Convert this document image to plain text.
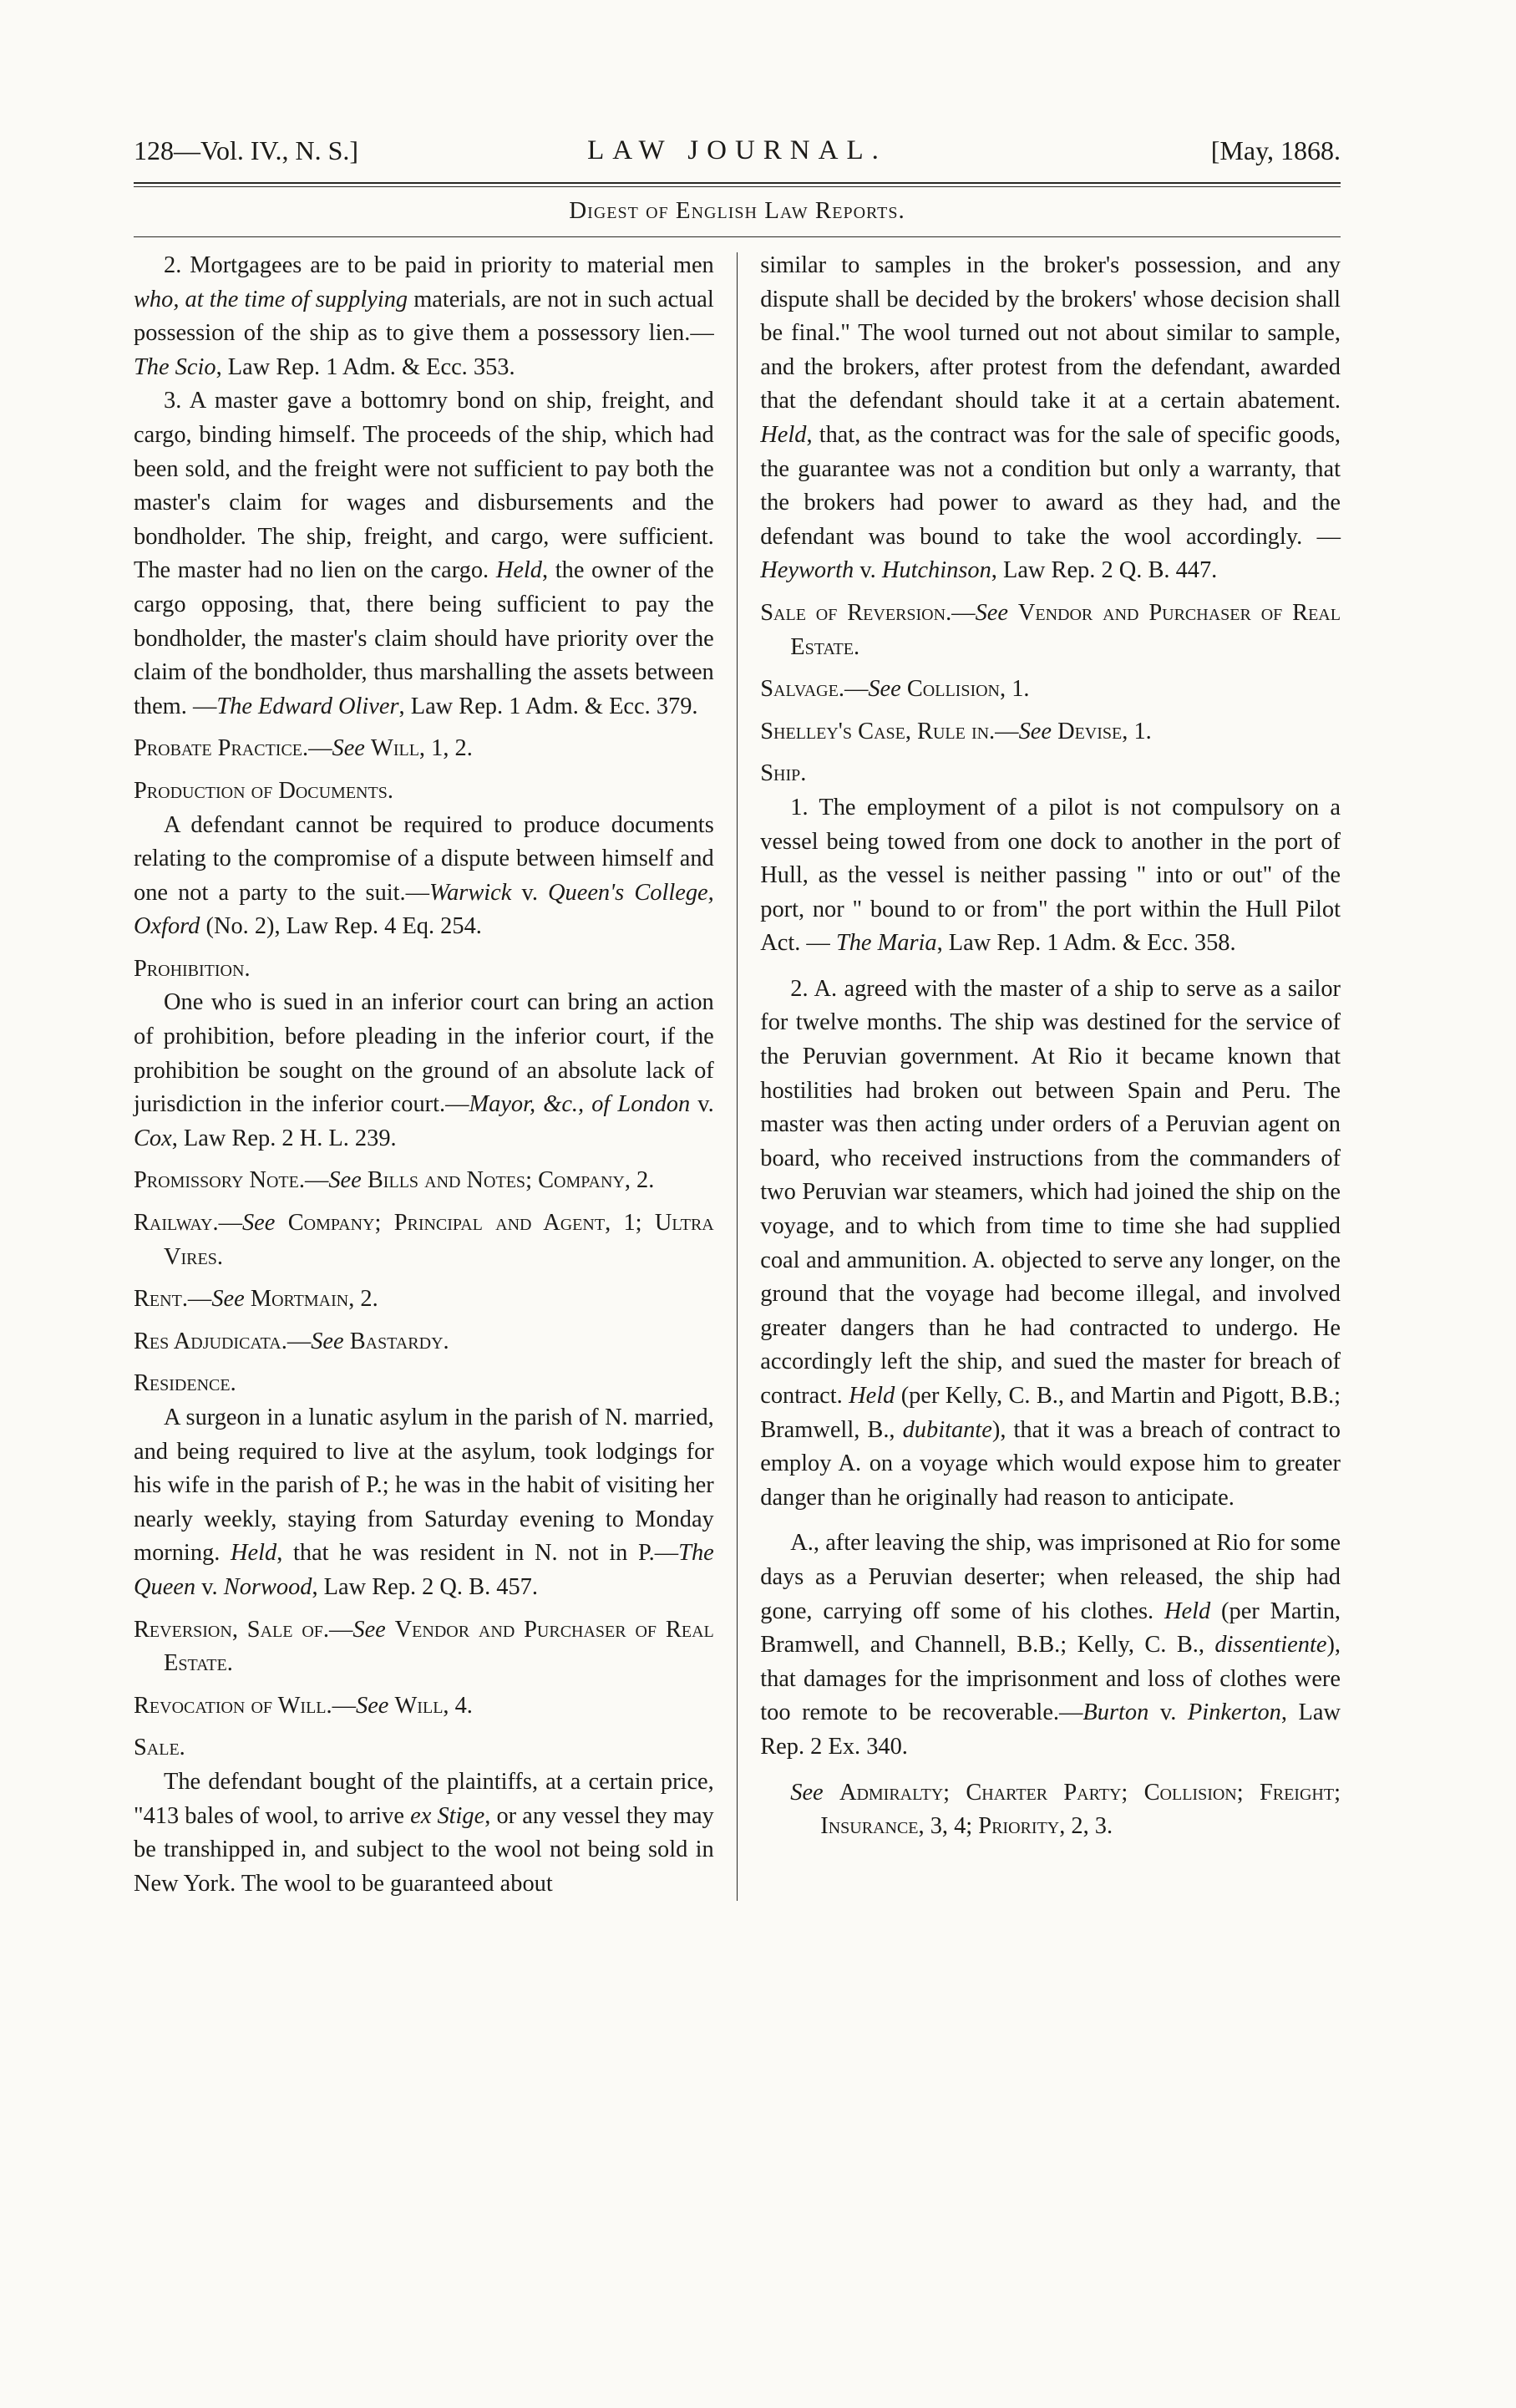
128—Vol. IV., N. S.]	LAW JOURNAL.	[May, 1868.
Digest of English Law Reports.

2. Mortgagees are to be paid in priority to material men who, at the time of supplying materials, are not in such actual possession of the ship as to give them a possessory lien.—The Scio, Law Rep. 1 Adm. & Ecc. 353.

3. A master gave a bottomry bond on ship, freight, and cargo, binding himself. The proceeds of the ship, which had been sold, and the freight were not sufficient to pay both the master's claim for wages and disbursements and the bondholder. The ship, freight, and cargo, were sufficient. The master had no lien on the cargo. Held, the owner of the cargo opposing, that, there being sufficient to pay the bondholder, the master's claim should have priority over the claim of the bondholder, thus marshalling the assets between them. —The Edward Oliver, Law Rep. 1 Adm. & Ecc. 379.

Probate Practice.—See Will, 1, 2.

Production of Documents.

A defendant cannot be required to produce documents relating to the compromise of a dispute between himself and one not a party to the suit.—Warwick v. Queen's College, Oxford (No. 2), Law Rep. 4 Eq. 254.

Prohibition.

One who is sued in an inferior court can bring an action of prohibition, before pleading in the inferior court, if the prohibition be sought on the ground of an absolute lack of jurisdiction in the inferior court.—Mayor, &c., of London v. Cox, Law Rep. 2 H. L. 239.

Promissory Note.—See Bills and Notes; Company, 2.

Railway.—See Company; Principal and Agent, 1; Ultra Vires.

Rent.—See Mortmain, 2.

Res Adjudicata.—See Bastardy.

Residence.

A surgeon in a lunatic asylum in the parish of N. married, and being required to live at the asylum, took lodgings for his wife in the parish of P.; he was in the habit of visiting her nearly weekly, staying from Saturday evening to Monday morning. Held, that he was resident in N. not in P.—The Queen v. Norwood, Law Rep. 2 Q. B. 457.

Reversion, Sale of.—See Vendor and Purchaser of Real Estate.

Revocation of Will.—See Will, 4.

Sale.

The defendant bought of the plaintiffs, at a certain price, "413 bales of wool, to arrive ex Stige, or any vessel they may be transhipped in, and subject to the wool not being sold in New York. The wool to be guaranteed about

similar to samples in the broker's possession, and any dispute shall be decided by the brokers' whose decision shall be final." The wool turned out not about similar to sample, and the brokers, after protest from the defendant, awarded that the defendant should take it at a certain abatement. Held, that, as the contract was for the sale of specific goods, the guarantee was not a condition but only a warranty, that the brokers had power to award as they had, and the defendant was bound to take the wool accordingly. — Heyworth v. Hutchinson, Law Rep. 2 Q. B. 447.

Sale of Reversion.—See Vendor and Purchaser of Real Estate.

Salvage.—See Collision, 1.

Shelley's Case, Rule in.—See Devise, 1.

Ship.

1. The employment of a pilot is not compulsory on a vessel being towed from one dock to another in the port of Hull, as the vessel is neither passing " into or out" of the port, nor " bound to or from" the port within the Hull Pilot Act. — The Maria, Law Rep. 1 Adm. & Ecc. 358.

2. A. agreed with the master of a ship to serve as a sailor for twelve months. The ship was destined for the service of the Peruvian government. At Rio it became known that hostilities had broken out between Spain and Peru. The master was then acting under orders of a Peruvian agent on board, who received instructions from the commanders of two Peruvian war steamers, which had joined the ship on the voyage, and to which from time to time she had supplied coal and ammunition. A. objected to serve any longer, on the ground that the voyage had become illegal, and involved greater dangers than he had contracted to undergo. He accordingly left the ship, and sued the master for breach of contract. Held (per Kelly, C. B., and Martin and Pigott, B.B.; Bramwell, B., dubitante), that it was a breach of contract to employ A. on a voyage which would expose him to greater danger than he originally had reason to anticipate.

A., after leaving the ship, was imprisoned at Rio for some days as a Peruvian deserter; when released, the ship had gone, carrying off some of his clothes. Held (per Martin, Bramwell, and Channell, B.B.; Kelly, C. B., dissentiente), that damages for the imprisonment and loss of clothes were too remote to be recoverable.—Burton v. Pinkerton, Law Rep. 2 Ex. 340.

See Admiralty; Charter Party; Collision; Freight; Insurance, 3, 4; Priority, 2, 3.
